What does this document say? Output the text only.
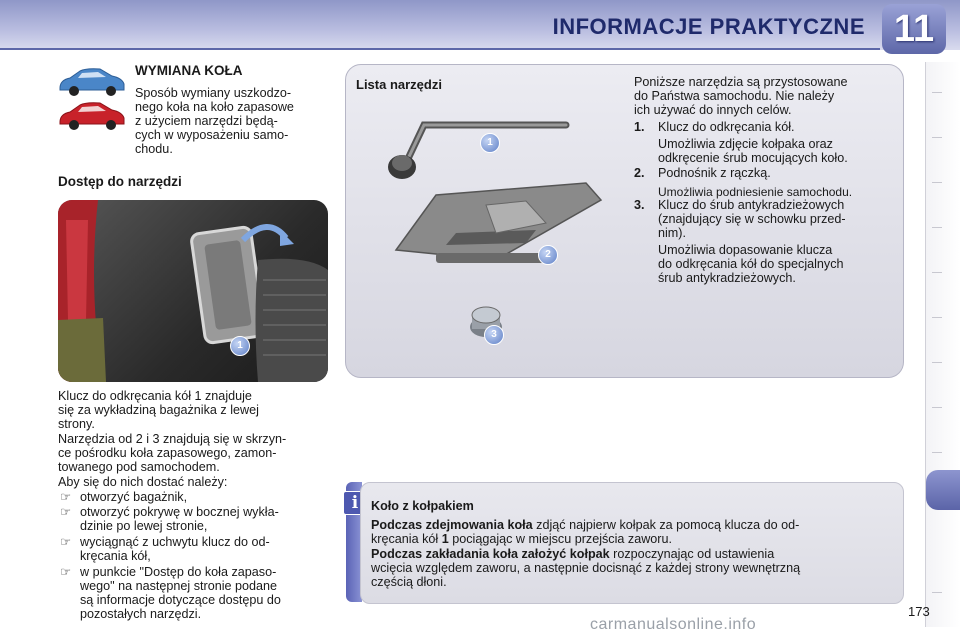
INFORMACJE PRAKTYCZNE 11
WYMIANA KOŁA
Sposób wymiany uszkodzo-
nego koła na koło zapasowe
z użyciem narzędzi będą-
cych w wyposażeniu samo-
chodu.
Dostęp do narzędzi
1
Klucz do odkręcania kół 1 znajduje
się za wykładziną bagażnika z lewej
strony.
Narzędzia od 2 i 3 znajdują się w skrzyn-
ce pośrodku koła zapasowego, zamon-
towanego pod samochodem.
Aby się do nich dostać należy:
☞ otworzyć bagażnik,
☞ otworzyć pokrywę w bocznej wykła-
dzinie po lewej stronie,
☞ wyciągnąć z uchwytu klucz do od-
kręcania kół,
☞ w punkcie "Dostęp do koła zapaso-
wego" na następnej stronie podane
są informacje dotyczące dostępu do
pozostałych narzędzi.
Lista narzędzi
1
2
3
Poniższe narzędzia są przystosowane
do Państwa samochodu. Nie należy
ich używać do innych celów.
1. Klucz do odkręcania kół.
Umożliwia zdjęcie kołpaka oraz
odkręcenie śrub mocujących koło.
2. Podnośnik z rączką.
Umożliwia podniesienie samochodu.
3. Klucz do śrub antykradzieżowych
(znajdujący się w schowku przed-
nim).
Umożliwia dopasowanie klucza
do odkręcania kół do specjalnych
śrub antykradzieżowych.
i	Koło z kołpakiem
Podczas zdejmowania koła zdjąć najpierw kołpak za pomocą klucza do od-
kręcania kół 1 pociągając w miejscu przejścia zaworu.
Podczas zakładania koła założyć kołpak rozpoczynając od ustawienia
wcięcia względem zaworu, a następnie docisnąć z każdej strony wewnętrzną
częścią dłoni.
173
carmanualsonline.info
